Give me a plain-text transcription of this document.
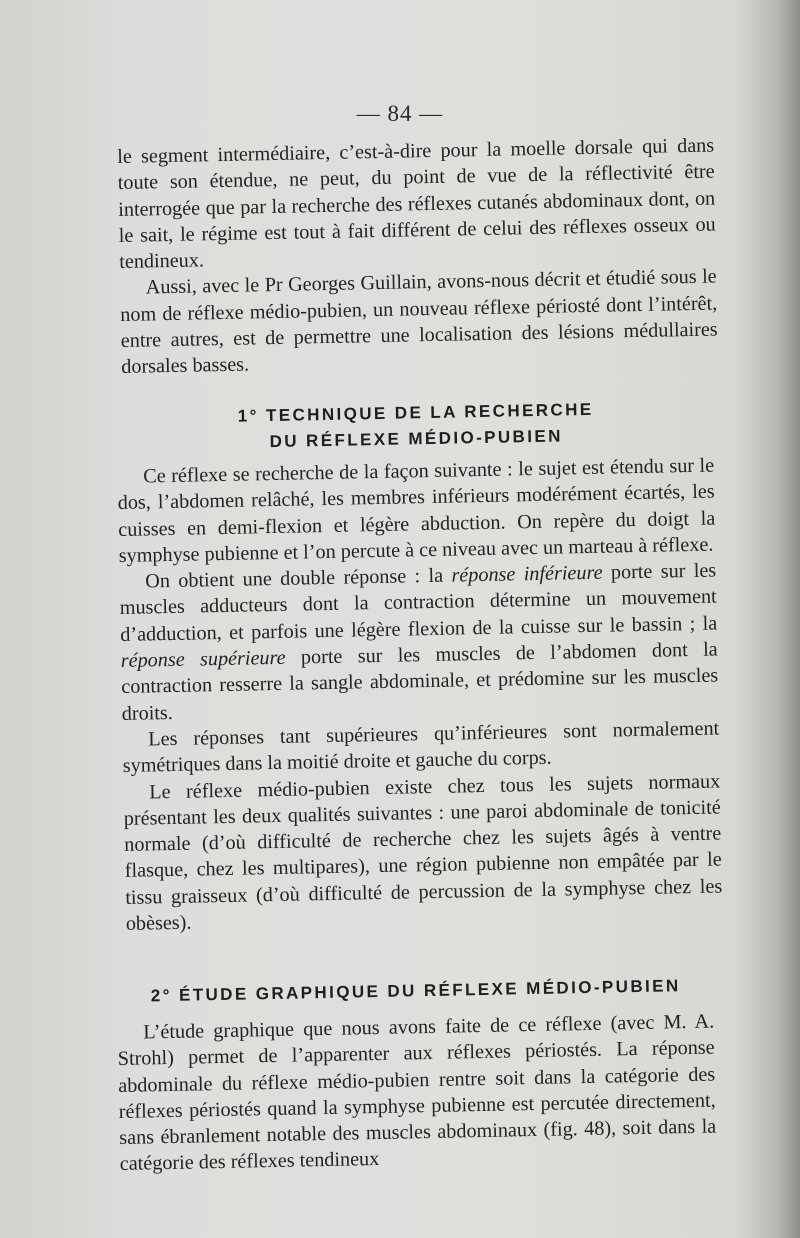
— 84 —

le segment intermédiaire, c’est-à-dire pour la moelle dorsale qui dans toute son étendue, ne peut, du point de vue de la réflectivité être interrogée que par la recherche des réflexes cutanés abdominaux dont, on le sait, le régime est tout à fait différent de celui des réflexes osseux ou tendineux.

Aussi, avec le Pr Georges Guillain, avons-nous décrit et étudié sous le nom de réflexe médio-pubien, un nouveau réflexe périosté dont l’intérêt, entre autres, est de permettre une localisation des lésions médullaires dorsales basses.

1° TECHNIQUE DE LA RECHERCHE
DU RÉFLEXE MÉDIO-PUBIEN

Ce réflexe se recherche de la façon suivante : le sujet est étendu sur le dos, l’abdomen relâché, les membres inférieurs modérément écartés, les cuisses en demi-flexion et légère abduction. On repère du doigt la symphyse pubienne et l’on percute à ce niveau avec un marteau à réflexe.

On obtient une double réponse : la réponse inférieure porte sur les muscles adducteurs dont la contraction détermine un mouvement d’adduction, et parfois une légère flexion de la cuisse sur le bassin ; la réponse supérieure porte sur les muscles de l’abdomen dont la contraction resserre la sangle abdominale, et prédomine sur les muscles droits.

Les réponses tant supérieures qu’inférieures sont normalement symétriques dans la moitié droite et gauche du corps.

Le réflexe médio-pubien existe chez tous les sujets normaux présentant les deux qualités suivantes : une paroi abdominale de tonicité normale (d’où difficulté de recherche chez les sujets âgés à ventre flasque, chez les multipares), une région pubienne non empâtée par le tissu graisseux (d’où difficulté de percussion de la symphyse chez les obèses).

2° ÉTUDE GRAPHIQUE DU RÉFLEXE MÉDIO-PUBIEN

L’étude graphique que nous avons faite de ce réflexe (avec M. A. Strohl) permet de l’apparenter aux réflexes périostés. La réponse abdominale du réflexe médio-pubien rentre soit dans la catégorie des réflexes périostés quand la symphyse pubienne est percutée directement, sans ébranlement notable des muscles abdominaux (fig. 48), soit dans la catégorie des réflexes tendineux
